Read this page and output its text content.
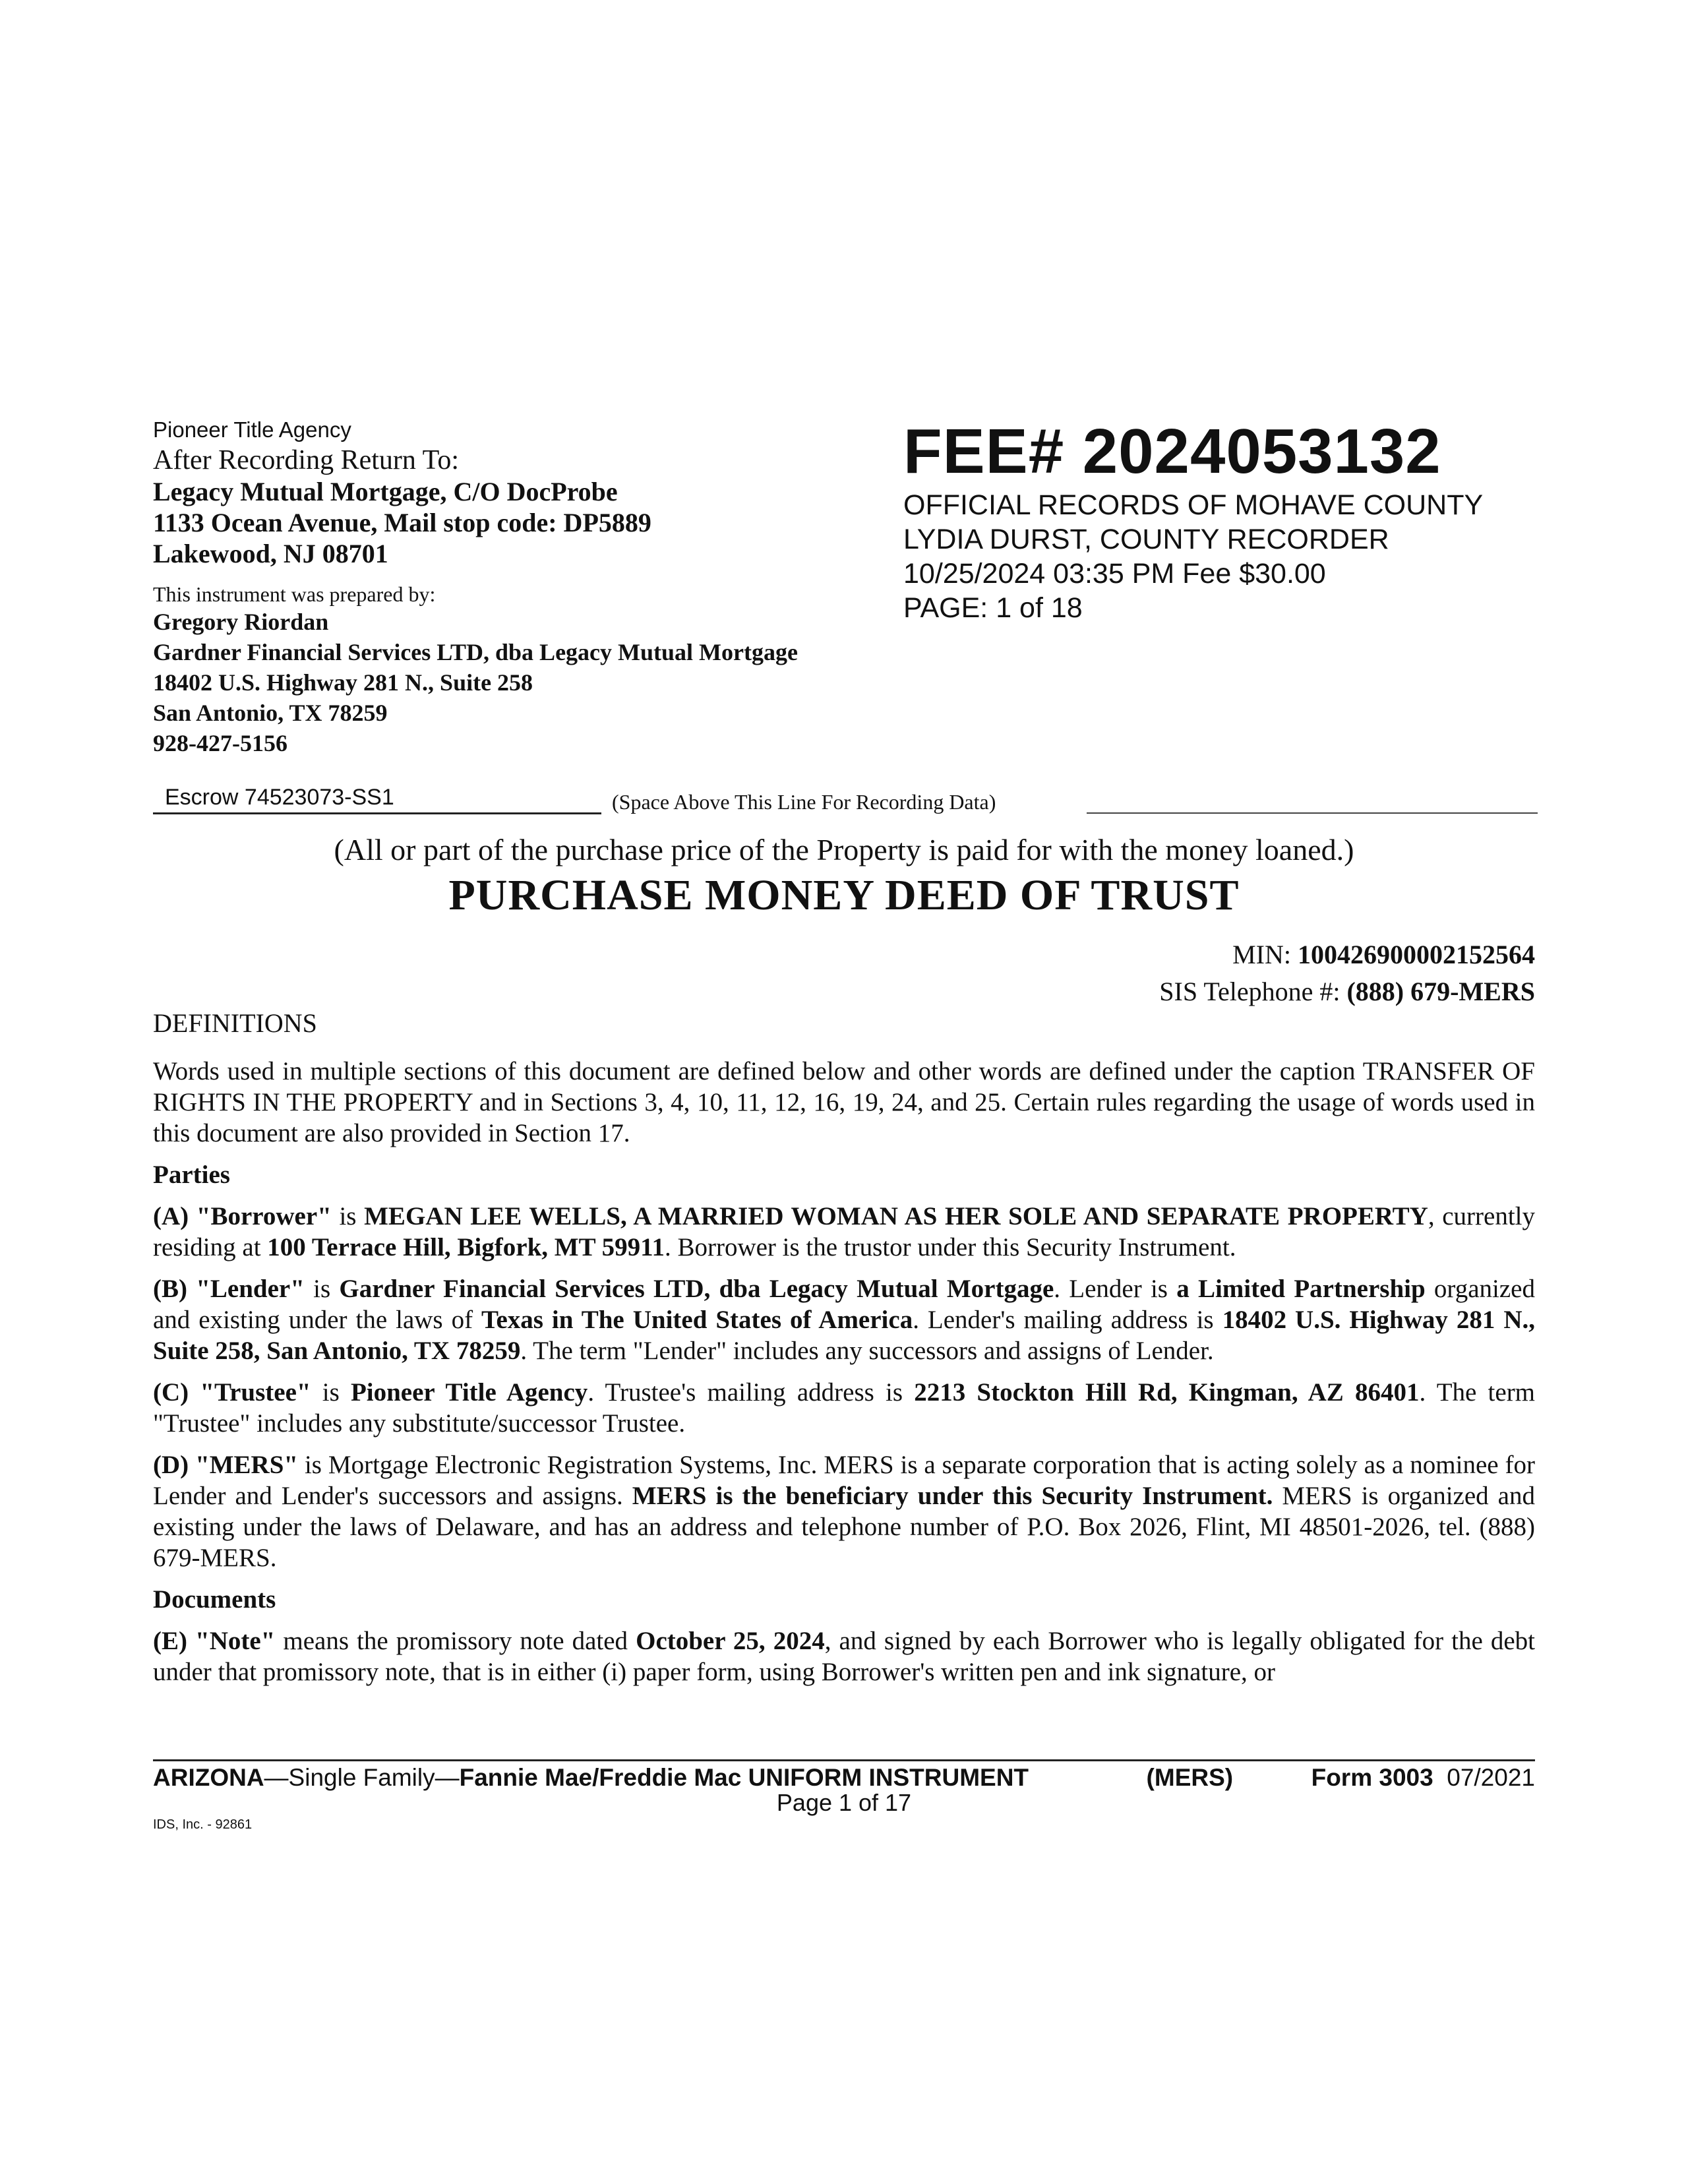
Pioneer Title Agency
After Recording Return To:
Legacy Mutual Mortgage, C/O DocProbe
1133 Ocean Avenue, Mail stop code: DP5889
Lakewood, NJ 08701
This instrument was prepared by:
Gregory Riordan
Gardner Financial Services LTD, dba Legacy Mutual Mortgage
18402 U.S. Highway 281 N., Suite 258
San Antonio, TX 78259
928-427-5156
FEE# 2024053132
OFFICIAL RECORDS OF MOHAVE COUNTY
LYDIA DURST, COUNTY RECORDER
10/25/2024 03:35 PM Fee $30.00
PAGE: 1 of 18
Escrow 74523073-SS1	(Space Above This Line For Recording Data)
(All or part of the purchase price of the Property is paid for with the money loaned.)
PURCHASE MONEY DEED OF TRUST
MIN: 100426900002152564
SIS Telephone #: (888) 679-MERS

DEFINITIONS

Words used in multiple sections of this document are defined below and other words are defined under the caption TRANSFER OF RIGHTS IN THE PROPERTY and in Sections 3, 4, 10, 11, 12, 16, 19, 24, and 25. Certain rules regarding the usage of words used in this document are also provided in Section 17.

Parties

(A) "Borrower" is MEGAN LEE WELLS, A MARRIED WOMAN AS HER SOLE AND SEPARATE PROPERTY, currently residing at 100 Terrace Hill, Bigfork, MT 59911. Borrower is the trustor under this Security Instrument.

(B) "Lender" is Gardner Financial Services LTD, dba Legacy Mutual Mortgage. Lender is a Limited Partnership organized and existing under the laws of Texas in The United States of America. Lender's mailing address is 18402 U.S. Highway 281 N., Suite 258, San Antonio, TX 78259. The term "Lender" includes any successors and assigns of Lender.

(C) "Trustee" is Pioneer Title Agency. Trustee's mailing address is 2213 Stockton Hill Rd, Kingman, AZ 86401. The term "Trustee" includes any substitute/successor Trustee.

(D) "MERS" is Mortgage Electronic Registration Systems, Inc. MERS is a separate corporation that is acting solely as a nominee for Lender and Lender's successors and assigns. MERS is the beneficiary under this Security Instrument. MERS is organized and existing under the laws of Delaware, and has an address and telephone number of P.O. Box 2026, Flint, MI 48501-2026, tel. (888) 679-MERS.

Documents

(E) "Note" means the promissory note dated October 25, 2024, and signed by each Borrower who is legally obligated for the debt under that promissory note, that is in either (i) paper form, using Borrower's written pen and ink signature, or

ARIZONA—Single Family—Fannie Mae/Freddie Mac UNIFORM INSTRUMENT	(MERS)	Form 3003 07/2021
Page 1 of 17
IDS, Inc. - 92861
